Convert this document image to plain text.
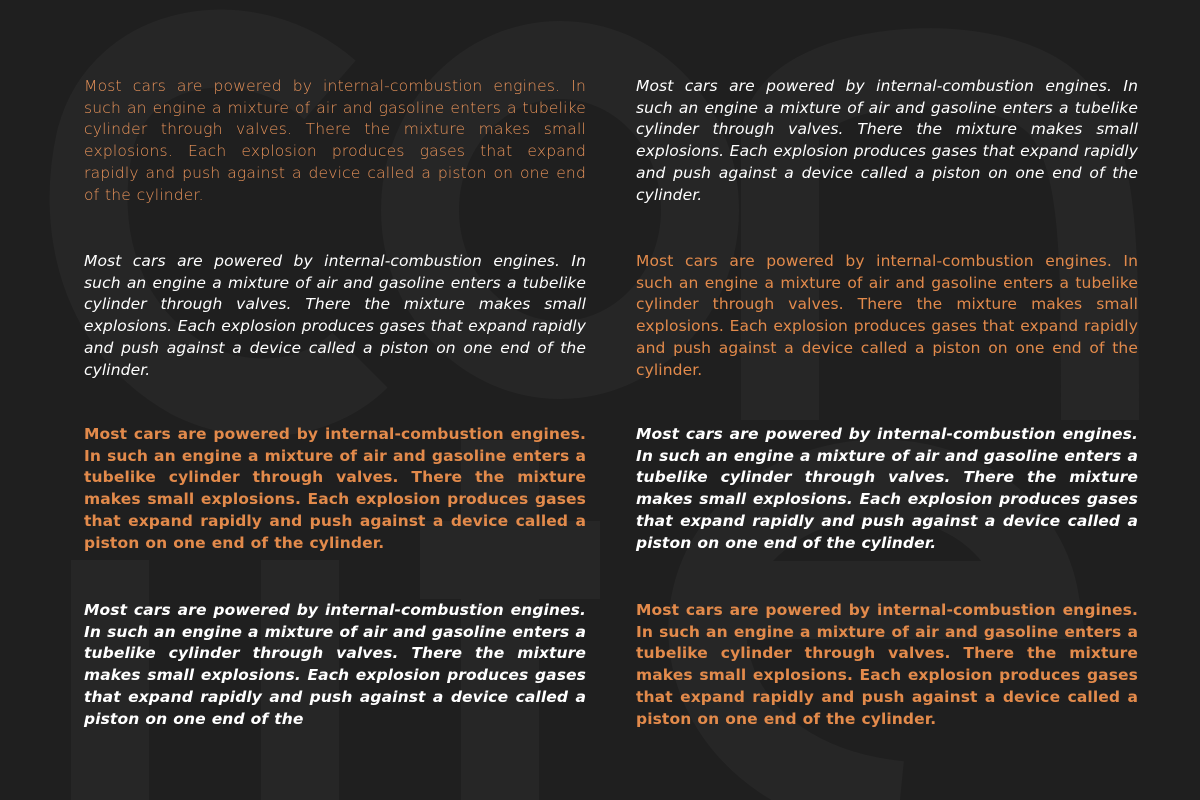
Most cars are powered by internal-combustion engines. In such an engine a mixture of air and gasoline enters a tubelike cylinder through valves. There the mixture makes small explosions. Each explosion produces gases that expand rapidly and push against a device called a piston on one end of the cylinder.

Most cars are powered by internal-combustion engines. In such an engine a mixture of air and gasoline enters a tubelike cylinder through valves. There the mixture makes small explosions. Each explosion produces gases that expand rapidly and push against a device called a piston on one end of the cylinder.

Most cars are powered by internal-combustion engines. In such an engine a mixture of air and gasoline enters a tubelike cylinder through valves. There the mixture makes small explosions. Each explosion produces gases that expand rapidly and push against a device called a piston on one end of the cylinder.

Most cars are powered by internal-combustion engines. In such an engine a mixture of air and gasoline enters a tubelike cylinder through valves. There the mixture makes small explosions. Each explosion produces gases that expand rapidly and push against a device called a piston on one end of the cylinder.

Most cars are powered by internal-combustion engines. In such an engine a mixture of air and gasoline enters a tubelike cylinder through valves. There the mixture makes small explosions. Each explosion produces gases that expand rapidly and push against a device called a piston on one end of the cylinder.

Most cars are powered by internal-combustion engines. In such an engine a mixture of air and gasoline enters a tubelike cylinder through valves. There the mixture makes small explosions. Each explosion produces gases that expand rapidly and push against a device called a piston on one end of the cylinder.

Most cars are powered by internal-combustion engines. In such an engine a mixture of air and gasoline enters a tubelike cylinder through valves. There the mixture makes small explosions. Each explosion produces gases that expand rapidly and push against a device called a piston on one end of the

Most cars are powered by internal-combustion engines. In such an engine a mixture of air and gasoline enters a tubelike cylinder through valves. There the mixture makes small explosions. Each explosion produces gases that expand rapidly and push against a device called a piston on one end of the cylinder.
